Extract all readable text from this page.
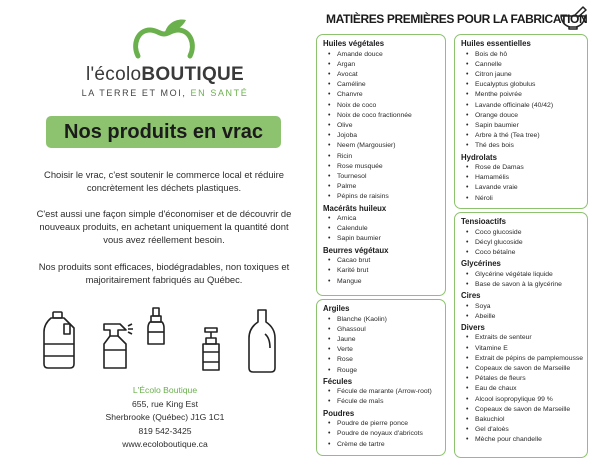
l'écoloBOUTIQUE
LA TERRE ET MOI, EN SANTÉ
Nos produits en vrac

Choisir le vrac, c'est soutenir le commerce local et réduire concrètement les déchets plastiques.

C'est aussi une façon simple d'économiser et de découvrir de nouveaux produits, en achetant uniquement la quantité dont vous avez réellement besoin.

Nos produits sont efficaces, biodégradables, non toxiques et majoritairement fabriqués au Québec.

L'Écolo Boutique
655, rue King Est
Sherbrooke (Québec) J1G 1C1
819 542-3425
www.ecoloboutique.ca
MATIÈRES PREMIÈRES POUR LA FABRICATION
Huiles végétales
• Amande douce
• Argan
• Avocat
• Caméline
• Chanvre
• Noix de coco
• Noix de coco fractionnée
• Olive
• Jojoba
• Neem (Margousier)
• Ricin
• Rose musquée
• Tournesol
• Palme
• Pépins de raisins
Macérâts huileux
• Arnica
• Calendule
• Sapin baumier
Beurres végétaux
• Cacao brut
• Karité brut
• Mangue
Argiles
• Blanche (Kaolin)
• Ghassoul
• Jaune
• Verte
• Rose
• Rouge
Fécules
• Fécule de marante (Arrow-root)
• Fécule de maïs
Poudres
• Poudre de pierre ponce
• Poudre de noyaux d'abricots
• Crème de tartre
Huiles essentielles
• Bois de hô
• Cannelle
• Citron jaune
• Eucalyptus globulus
• Menthe poivrée
• Lavande officinale (40/42)
• Orange douce
• Sapin baumier
• Arbre à thé (Tea tree)
• Thé des bois
Hydrolats
• Rose de Damas
• Hamamélis
• Lavande vraie
• Néroli
Tensioactifs
• Coco glucoside
• Décyl glucoside
• Coco bétaïne
Glycérines
• Glycérine végétale liquide
• Base de savon à la glycérine
Cires
• Soya
• Abeille
Divers
• Extraits de senteur
• Vitamine E
• Extrait de pépins de pamplemousse
• Copeaux de savon de Marseille
• Pétales de fleurs
• Eau de chaux
• Alcool isopropylique 99 %
• Copeaux de savon de Marseille
• Bakuchiol
• Gel d'aloès
• Mèche pour chandelle
